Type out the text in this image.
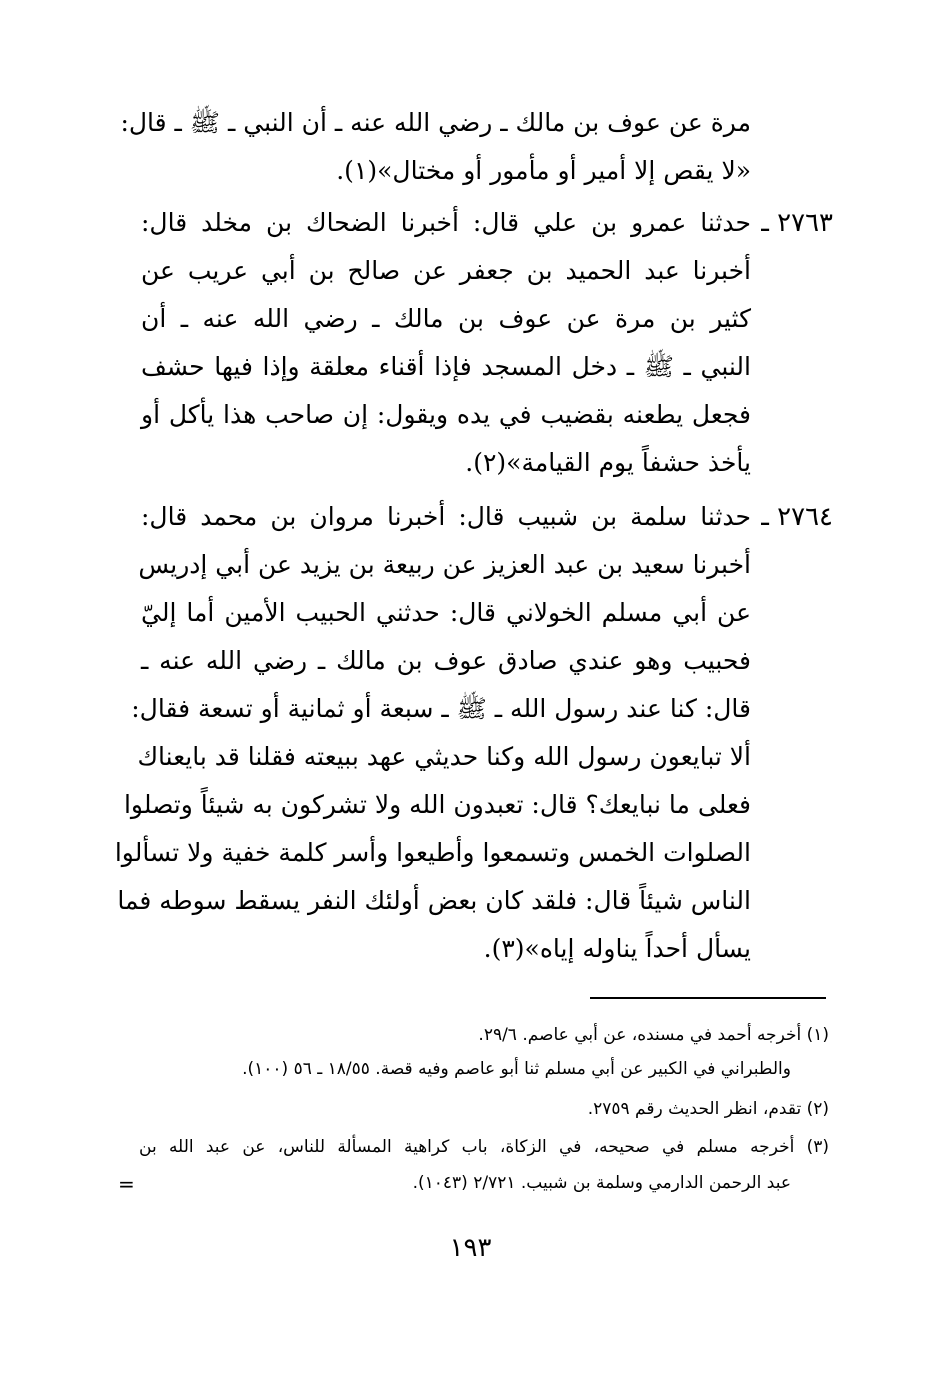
مرة عن عوف بن مالك ـ رضي الله عنه ـ أن النبي ـ ﷺ ـ قال:
«لا يقص إلا أمير أو مأمور أو مختال»(١).
٢٧٦٣ ـ
حدثنا عمرو بن علي قال: أخبرنا الضحاك بن مخلد قال:
أخبرنا عبد الحميد بن جعفر عن صالح بن أبي عريب عن
كثير بن مرة عن عوف بن مالك ـ رضي الله عنه ـ أن
النبي ـ ﷺ ـ دخل المسجد فإذا أقناء معلقة وإذا فيها حشف
فجعل يطعنه بقضيب في يده ويقول: إن صاحب هذا يأكل أو
يأخذ حشفاً يوم القيامة»(٢).
٢٧٦٤ ـ
حدثنا سلمة بن شبيب قال: أخبرنا مروان بن محمد قال:
أخبرنا سعيد بن عبد العزيز عن ربيعة بن يزيد عن أبي إدريس
عن أبي مسلم الخولاني قال: حدثني الحبيب الأمين أما إليّ
فحبيب وهو عندي صادق عوف بن مالك ـ رضي الله عنه ـ
قال: كنا عند رسول الله ـ ﷺ ـ سبعة أو ثمانية أو تسعة فقال:
ألا تبايعون رسول الله وكنا حديثي عهد ببيعته فقلنا قد بايعناك
فعلى ما نبايعك؟ قال: تعبدون الله ولا تشركون به شيئاً وتصلوا
الصلوات الخمس وتسمعوا وأطيعوا وأسر كلمة خفية ولا تسألوا
الناس شيئاً قال: فلقد كان بعض أولئك النفر يسقط سوطه فما
يسأل أحداً يناوله إياه»(٣).
(١) أخرجه أحمد في مسنده، عن أبي عاصم. ٢٩/٦.
والطبراني في الكبير عن أبي مسلم ثنا أبو عاصم وفيه قصة. ١٨/٥٥ ـ ٥٦ (١٠٠).
(٢) تقدم، انظر الحديث رقم ٢٧٥٩.
(٣) أخرجه مسلم في صحيحه، في الزكاة، باب كراهية المسألة للناس، عن عبد الله بن
عبد الرحمن الدارمي وسلمة بن شبيب. ٢/٧٢١ (١٠٤٣).
=
١٩٣
